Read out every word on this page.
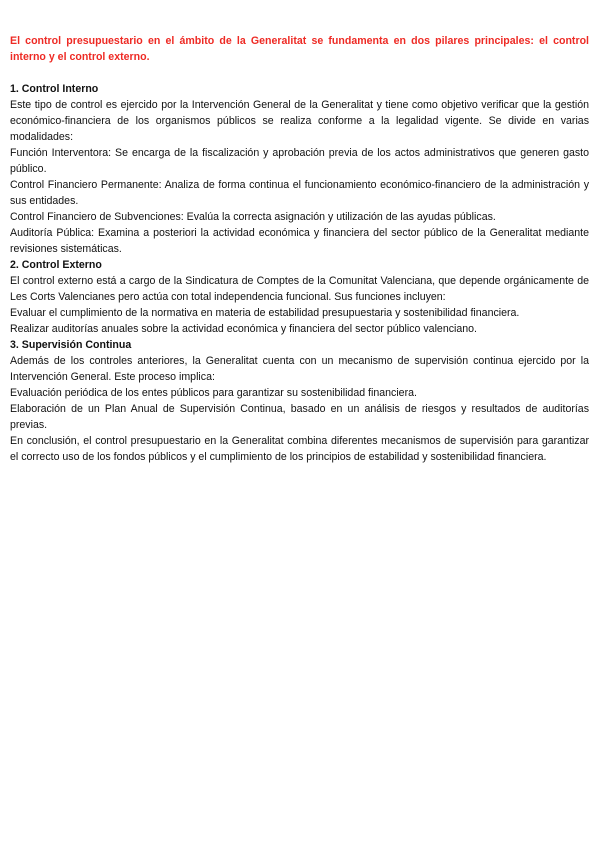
El control presupuestario en el ámbito de la Generalitat se fundamenta en dos pilares principales: el control interno y el control externo.

1. Control Interno

Este tipo de control es ejercido por la Intervención General de la Generalitat y tiene como objetivo verificar que la gestión económico-financiera de los organismos públicos se realiza conforme a la legalidad vigente. Se divide en varias modalidades:

Función Interventora: Se encarga de la fiscalización y aprobación previa de los actos administrativos que generen gasto público.

Control Financiero Permanente: Analiza de forma continua el funcionamiento económico-financiero de la administración y sus entidades.

Control Financiero de Subvenciones: Evalúa la correcta asignación y utilización de las ayudas públicas.

Auditoría Pública: Examina a posteriori la actividad económica y financiera del sector público de la Generalitat mediante revisiones sistemáticas.

2. Control Externo

El control externo está a cargo de la Sindicatura de Comptes de la Comunitat Valenciana, que depende orgánicamente de Les Corts Valencianes pero actúa con total independencia funcional. Sus funciones incluyen:

Evaluar el cumplimiento de la normativa en materia de estabilidad presupuestaria y sostenibilidad financiera.

Realizar auditorías anuales sobre la actividad económica y financiera del sector público valenciano.

3. Supervisión Continua

Además de los controles anteriores, la Generalitat cuenta con un mecanismo de supervisión continua ejercido por la Intervención General. Este proceso implica:

Evaluación periódica de los entes públicos para garantizar su sostenibilidad financiera.

Elaboración de un Plan Anual de Supervisión Continua, basado en un análisis de riesgos y resultados de auditorías previas.

En conclusión, el control presupuestario en la Generalitat combina diferentes mecanismos de supervisión para garantizar el correcto uso de los fondos públicos y el cumplimiento de los principios de estabilidad y sostenibilidad financiera.
